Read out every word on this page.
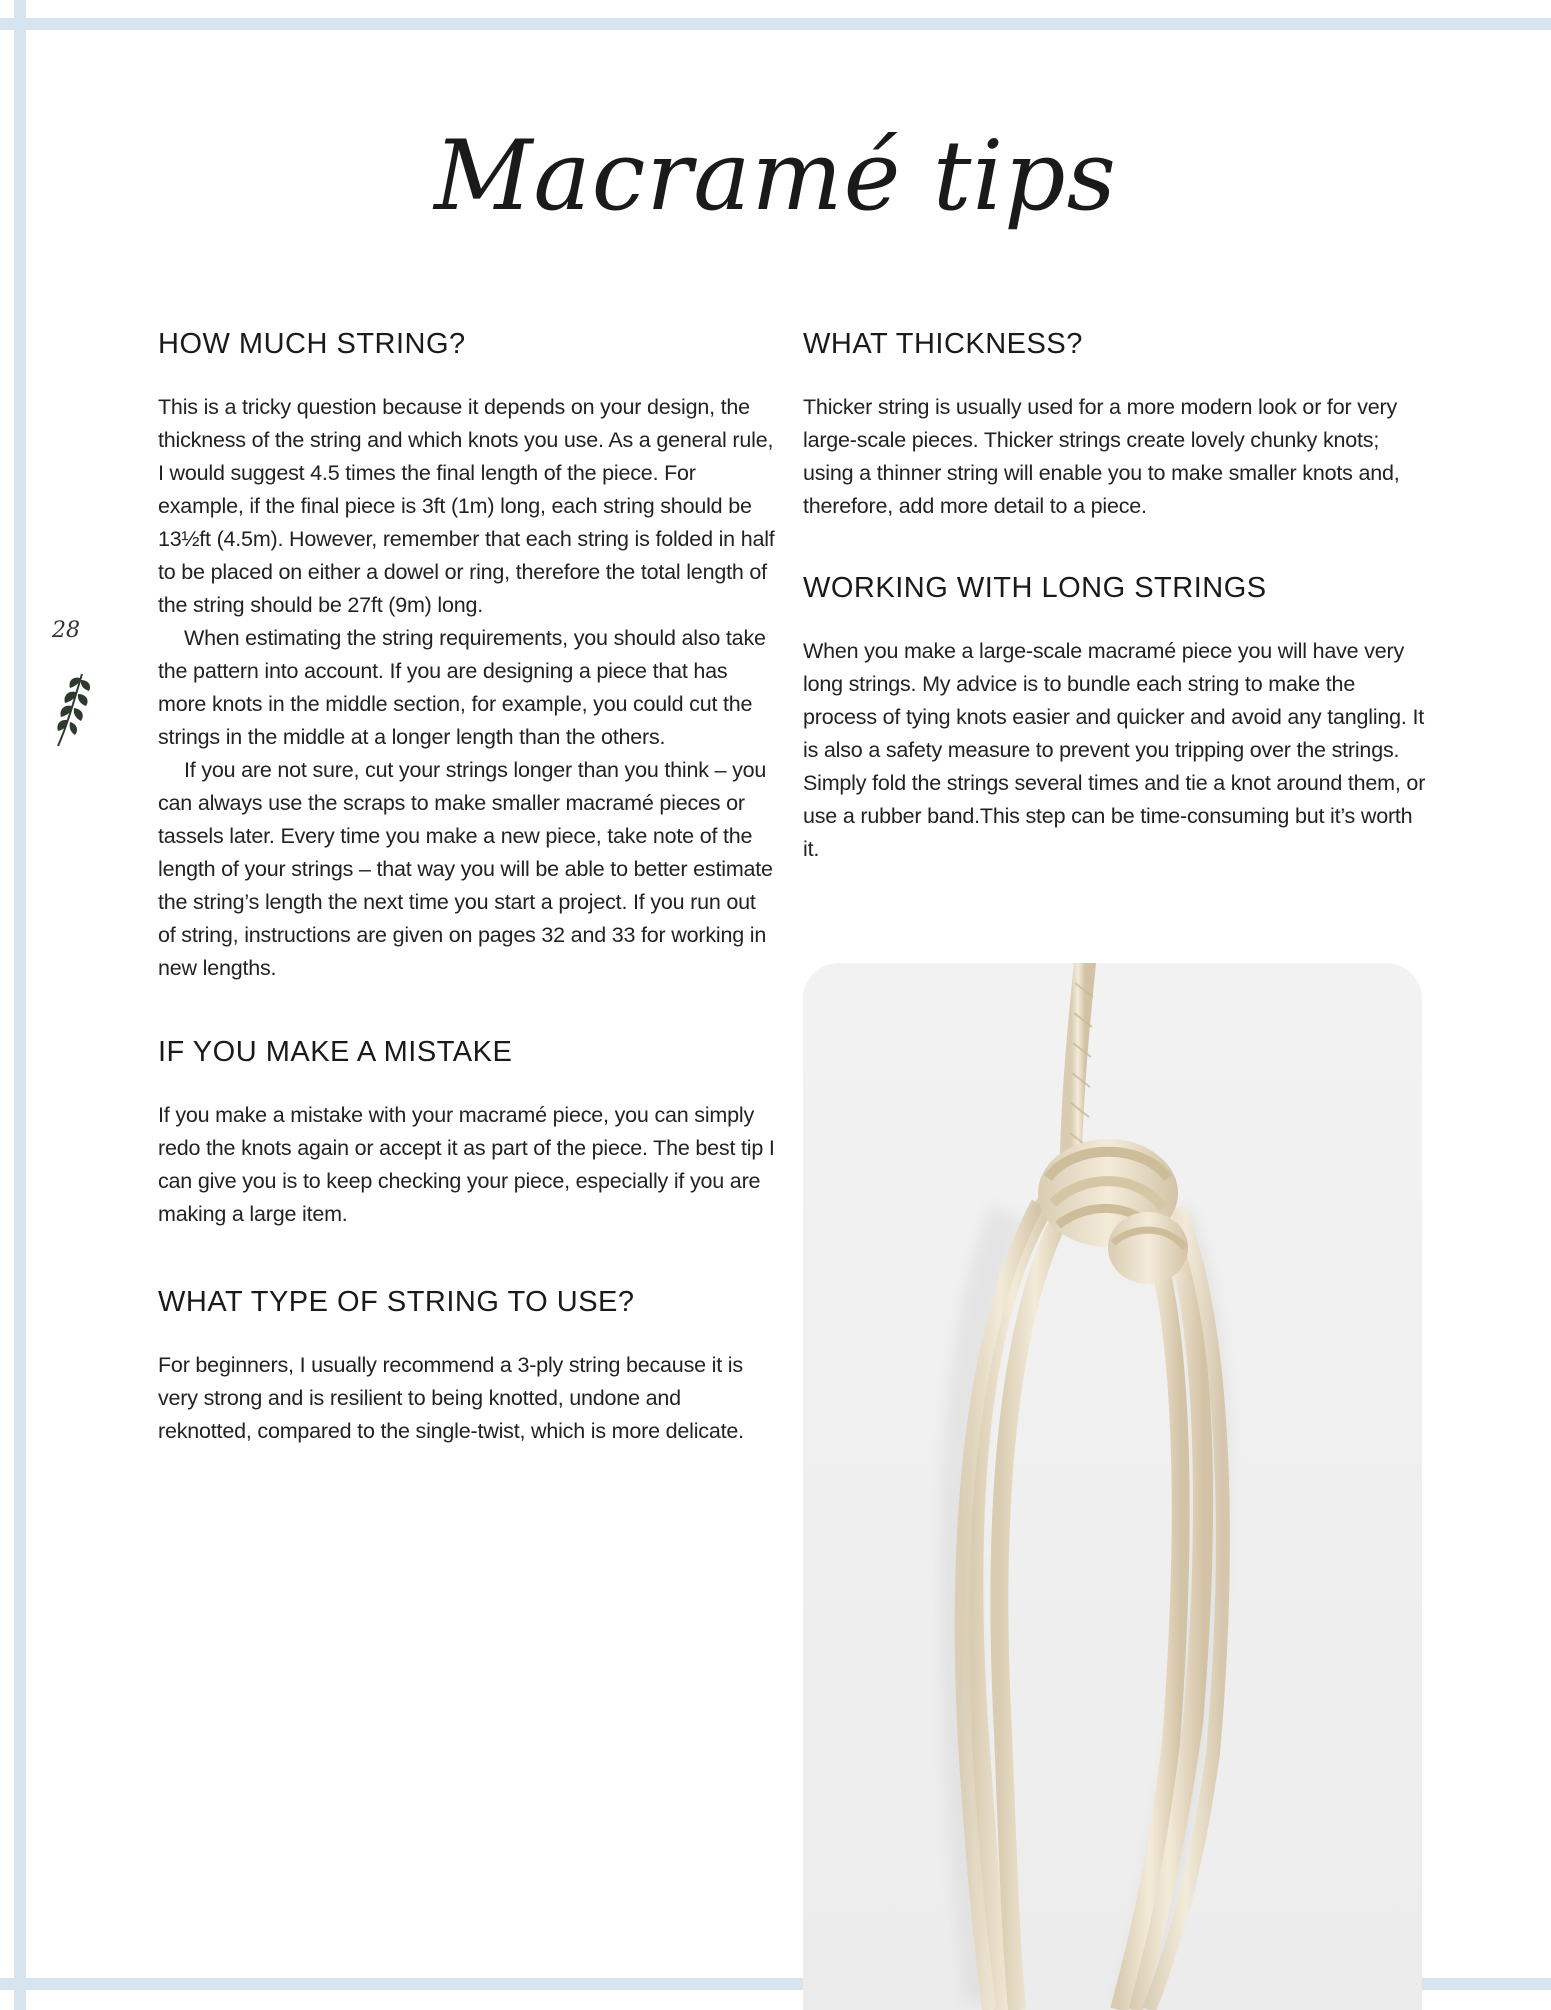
Macramé tips
28
HOW MUCH STRING?

This is a tricky question because it depends on your design, the thickness of the string and which knots you use. As a general rule, I would suggest 4.5 times the final length of the piece. For example, if the final piece is 3ft (1m) long, each string should be 13½ft (4.5m). However, remember that each string is folded in half to be placed on either a dowel or ring, therefore the total length of the string should be 27ft (9m) long.

When estimating the string requirements, you should also take the pattern into account. If you are designing a piece that has more knots in the middle section, for example, you could cut the strings in the middle at a longer length than the others.

If you are not sure, cut your strings longer than you think – you can always use the scraps to make smaller macramé pieces or tassels later. Every time you make a new piece, take note of the length of your strings – that way you will be able to better estimate the string’s length the next time you start a project. If you run out of string, instructions are given on pages 32 and 33 for working in new lengths.

IF YOU MAKE A MISTAKE

If you make a mistake with your macramé piece, you can simply redo the knots again or accept it as part of the piece. The best tip I can give you is to keep checking your piece, especially if you are making a large item.

WHAT TYPE OF STRING TO USE?

For beginners, I usually recommend a 3-ply string because it is very strong and is resilient to being knotted, undone and reknotted, compared to the single-twist, which is more delicate.

WHAT THICKNESS?

Thicker string is usually used for a more modern look or for very large-scale pieces. Thicker strings create lovely chunky knots; using a thinner string will enable you to make smaller knots and, therefore, add more detail to a piece.

WORKING WITH LONG STRINGS

When you make a large-scale macramé piece you will have very long strings. My advice is to bundle each string to make the process of tying knots easier and quicker and avoid any tangling. It is also a safety measure to prevent you tripping over the strings. Simply fold the strings several times and tie a knot around them, or use a rubber band.This step can be time-consuming but it’s worth it.
